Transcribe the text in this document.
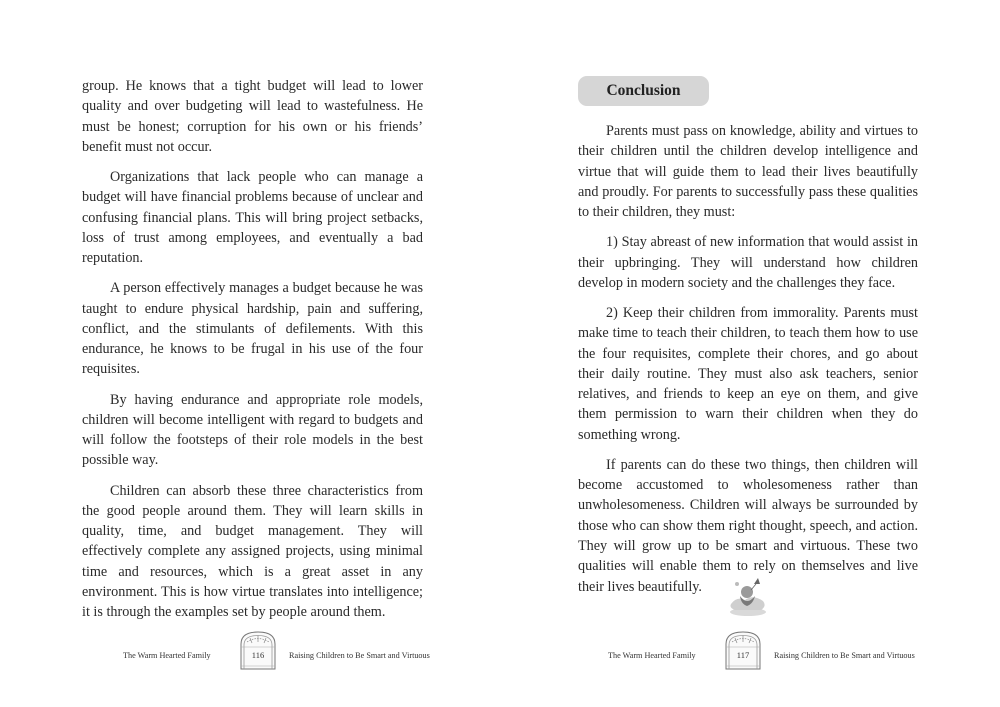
group. He knows that a tight budget will lead to lower quality and over budgeting will lead to wastefulness. He must be honest; corruption for his own or his friends’ benefit must not occur.

Organizations that lack people who can manage a budget will have financial problems because of unclear and confusing financial plans. This will bring project setbacks, loss of trust among employees, and eventually a bad reputation.

A person effectively manages a budget because he was taught to endure physical hardship, pain and suffering, conflict, and the stimulants of defilements. With this endurance, he knows to be frugal in his use of the four requisites.

By having endurance and appropriate role models, children will become intelligent with regard to budgets and will follow the footsteps of their role models in the best possible way.

Children can absorb these three characteristics from the good people around them. They will learn skills in quality, time, and budget management. They will effectively complete any assigned projects, using minimal time and resources, which is a great asset in any environment. This is how virtue translates into intelligence; it is through the examples set by people around them.

The Warm Hearted Family	116	Raising Children to Be Smart and Virtuous
Conclusion

Parents must pass on knowledge, ability and virtues to their children until the children develop intelligence and virtue that will guide them to lead their lives beautifully and proudly. For parents to successfully pass these qualities to their children, they must:

1) Stay abreast of new information that would assist in their upbringing. They will understand how children develop in modern society and the challenges they face.

2) Keep their children from immorality. Parents must make time to teach their children, to teach them how to use the four requisites, complete their chores, and go about their daily routine. They must also ask teachers, senior relatives, and friends to keep an eye on them, and give them permission to warn their children when they do something wrong.

If parents can do these two things, then children will become accustomed to wholesomeness rather than unwholesomeness. Children will always be surrounded by those who can show them right thought, speech, and action. They will grow up to be smart and virtuous. These two qualities will enable them to rely on themselves and live their lives beautifully.

The Warm Hearted Family	117	Raising Children to Be Smart and Virtuous
